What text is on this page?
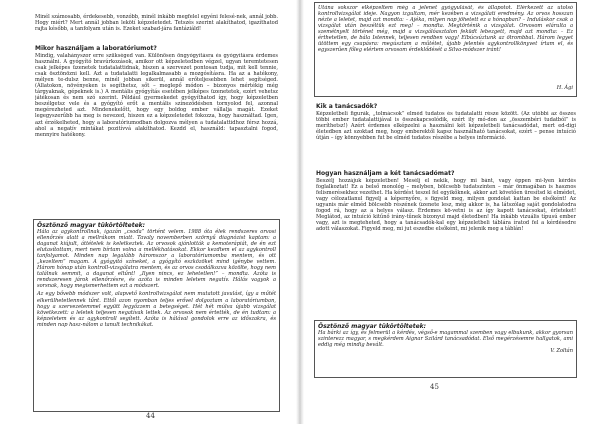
Minél számosabb, érdekesebb, vonzóbb, minél inkább megfelel egyéni felesé-nek, annál jobb. Hogy miért? Mert annál jobban lekötí képzeletedet. Tetszés szerint alakíthatod, igazíthatod rajta később, a tanfolyam után is. Ezeket szabad-jára fantáziáld!

Mikor használjam a laboratóriumot?

Mindig, valahányszor erre szükséged van. Különösen öngyógyításra és gyógyításra érdemes használni. A gyógyító bravúrkozások, amikor ott képzeletedben végzel, ugyan teremtetesen csak jelképes üzenetek tudatalattidnak, hiszen a szervezet pontosan tudja, mit kell tennie, csak ösztönözni kell. Azt a tudatalatti legalkalmasabb a mozgósításra. Ha az a hatékony, mélyen te-dulsz benne, minél jobban sikerül, annál erőteljesebben lehet segítséged. (Állatokon, növényeken is segíthetsz, sőt – meglepő módon – bizonyos mértékig még tárgyaknak, gépeknek is.) A mentális gyógyítás esetében jelképes üzenetetek, ezért vehetsz játékosan és nem szó szerint. Például gyermekedet gyógyíthatod így, hogy képzeletben beszélgetsz vele és a gyógyító erőt a mentális színeződésben tornyolod fel, azonnal megérezheted azt. Mindenekelőtt, hogy egy boldog ember vállalja magát. Ezeket legegyszerűbb ha meg is nevezed, hiszen ez a képzeletedet fokozza, hogy használtad. Igen, azt érzékelheted, hogy a laboratóriumodban dolgozva mélyen a tudatalattidhoz férsz hozzá, ahol a negatív mintákat pozitívvá alakíthatod. Kezdd el, használd: tapasztalni fogod, mennyire hatékony.

Ösztönző magyar tükörtöltetek:

Hála az agykontrollnak, igazán „csoda” történt velem. 1988 óta élek rendszeres orvosi ellenőrzés alatt a mellrákom miatt. Tavaly novemberben szörnyű diagnózist kaptam: a daganat kiújult, áttételek is keletkeztek. Az orvosok ajánlották a kemoterápiát, de én ezt elutasítottam, mert nem bírtam volna a mellékhatásokat. Ekkor kezdtem el az agykontroll tanfolyamot. Minden nap legalább háromszor a laboratóriumomba mentem, és ott „kezeltem” magam. A gyógyító színeket, a gyógyító eszközöket mind igénybe vettem. Három hónap után kontroll-vizsgálatra mentem, és az orvos csodálkozva közölte, hogy nem találnak semmit, a daganat eltűnt! „Ilyen nincs, ez lehetetlen!” – mondta. Azóta is rendszeresen járok ellenőrzésre, és azóta is minden leletem negatív. Hálás vagyok a sorsnak, hogy megismerhettem ezt a módszert.

Az egy bővebb módszer volt, alapvető kontrollvizsgálat nem mutatott javulást, így a műtét elkerülhetetlennek tűnt. Ettől azon nyomban teljes erővel dolgoztam a laboratóriumban, hogy a szervezetemmel együtt legyőzzem a betegséget. Hét hét múlva újabb vizsgálat következett: a leletek teljesen negatívak lettek. Az orvosok nem értették, de én tudtam: a képzeletem és az agykontroll segített. Azóta is hálával gondolok erre az időszakra, és minden nap hasz-nálom a tanult technikákat.

44

Utána sokszor elképzeltem még a jelenet gyógyulását, és állapotot. Elérkezett az utolsó kontrollvizsgálat ideje. Nagyon izgultam, mér kezében a vizsgálati eredmény. Az orvos hosszan nézte a leletet, majd azt mondta: – Ajéka, milyen nap jöhetett ez a hónapban? – Induláskor csak a vizsgálat után beszéltük ezt meg! – mondta. Megtörténik a vizsgálat. Orvosom elárulta a szemétnyelt történet még, majd a vizsgálóasztalon feküdt lebezgett, majd azt mondta: – Ez érthetetlen, de bála Istennek, teljesen rendben vagy! Elbúcsúztunk az ötrombbal. Három legyet ütöttem egy csapásra: megúsztam a műtétet, újabb jelentés agykontrollkönyvet írtam el, és egyszerűen főleg elértem orvosom érdeklődését a Silva-módszer iránt!

H. Ági

Kik a tanácsadók?

Képzeletbeli figurák, „tolmácsok” elméd tudatos és tudatalatti része között. (Az utóbbi az összes többi ember tudatalattijával is összekapcsolódik, ezért ily mó-don az „összembéri tudatból” is meríthetsz!) Azért érdemes elképzelni a használni két képzeletbeli tanácsadódat, mert ed-digi életedben azt szoktad meg, hogy emberektől kapsz használható tanácsokat, ezért – pense intuíció útján – így könnyebben fut be elméd tudatos részébe a helyes információ.

Hogyan használjam a két tanácsadómat?

Beszélj hozzájuk képzeletben! Mesélj el nekik, hogy mi bánt, vagy éppen mi-lyen kérdés foglalkoztat! Ez a belső monológ – melyben, bölcsebb tudatszinten – már önmagában is hasznos felismerésekhez vezethet. Ha kérdést teszel fel egyikőknek, akkor azt követően üresítsd ki elmédet, vagy célozatlanul figyelj a képernyőre, s figyeld meg, milyen gondolat kattan be elsőként! Az ugyanis már elméd bölcsebb részének üzenete lesz, még akkor is, ha látszólag saját gondolatodra fogod rá, hogy az a helyes válasz. Érdemes kö-vetni is az így kapott tanácsokat, érleteket! Meglátod, az intuíció kitűnő irány-tűnek bizonyul majd életedben! Ha inkább vizuális típusú ember vagy, azt is megteheted, hogy a tanácsadók-kal egy képzeletbeli táblára íratod fel a kérdésedre adott válaszokat. Figyeld meg, mi jut eszedbe elsőként, mi jelenik meg a táblán!

Ösztönző magyar tükörtöltetek:

Ha bárki az így, és felmerül a kérdés, végső-e magammal szemben vagy elbukunk, akkor gyorsan szinterezz magyar, s megkérdem Aignar Szilárd tanácsadódat. Első megérzésemre hallgatok, ami eddig még mindig bevált.

V. Zoltán

45
